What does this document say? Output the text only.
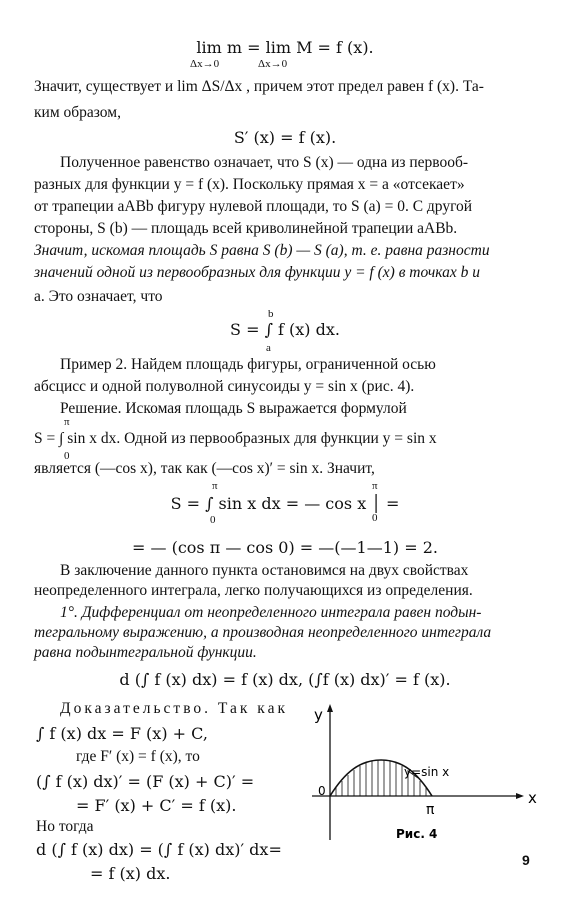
lim m = lim M = f (x).
Δx→0	Δx→0
Значит, существует и lim ΔS/Δx , причем этот предел равен f (x). Та-
ким образом,
S′ (x) = f (x).
Полученное равенство означает, что S (x) — одна из первооб-
разных для функции y = f (x). Поскольку прямая x = a «отсекает»
от трапеции aABb фигуру нулевой площади, то S (a) = 0. С другой
стороны, S (b) — площадь всей криволинейной трапеции aABb.
Значит, искомая площадь S равна S (b) — S (a), т. е. равна разности
значений одной из первообразных для функции y = f (x) в точках b и
a. Это означает, что
b
S = ∫ f (x) dx.
a
Пример 2. Найдем площадь фигуры, ограниченной осью
абсцисс и одной полуволной синусоиды y = sin x (рис. 4).
Решение. Искомая площадь S выражается формулой
π
S = ∫ sin x dx. Одной из первообразных для функции y = sin x
0
является (—cos x), так как (—cos x)′ = sin x. Значит,
π
S = ∫ sin x dx = — cos x │ =
0
π
0
= — (cos π — cos 0) = —(—1—1) = 2.
В заключение данного пункта остановимся на двух свойствах
неопределенного интеграла, легко получающихся из определения.
1°. Дифференциал от неопределенного интеграла равен подын-
тегральному выражению, а производная неопределенного интеграла
равна подынтегральной функции.
d (∫ f (x) dx) = f (x) dx, (∫f (x) dx)′ = f (x).
Доказательство. Так как
∫ f (x) dx = F (x) + C,
где F′ (x) = f (x), то
(∫ f (x) dx)′ = (F (x) + C)′ =
= F′ (x) + C′ = f (x).
Но тогда
d (∫ f (x) dx) = (∫ f (x) dx)′ dx=
= f (x) dx.
y
x
0
π
y=sin x
Рис. 4
9
